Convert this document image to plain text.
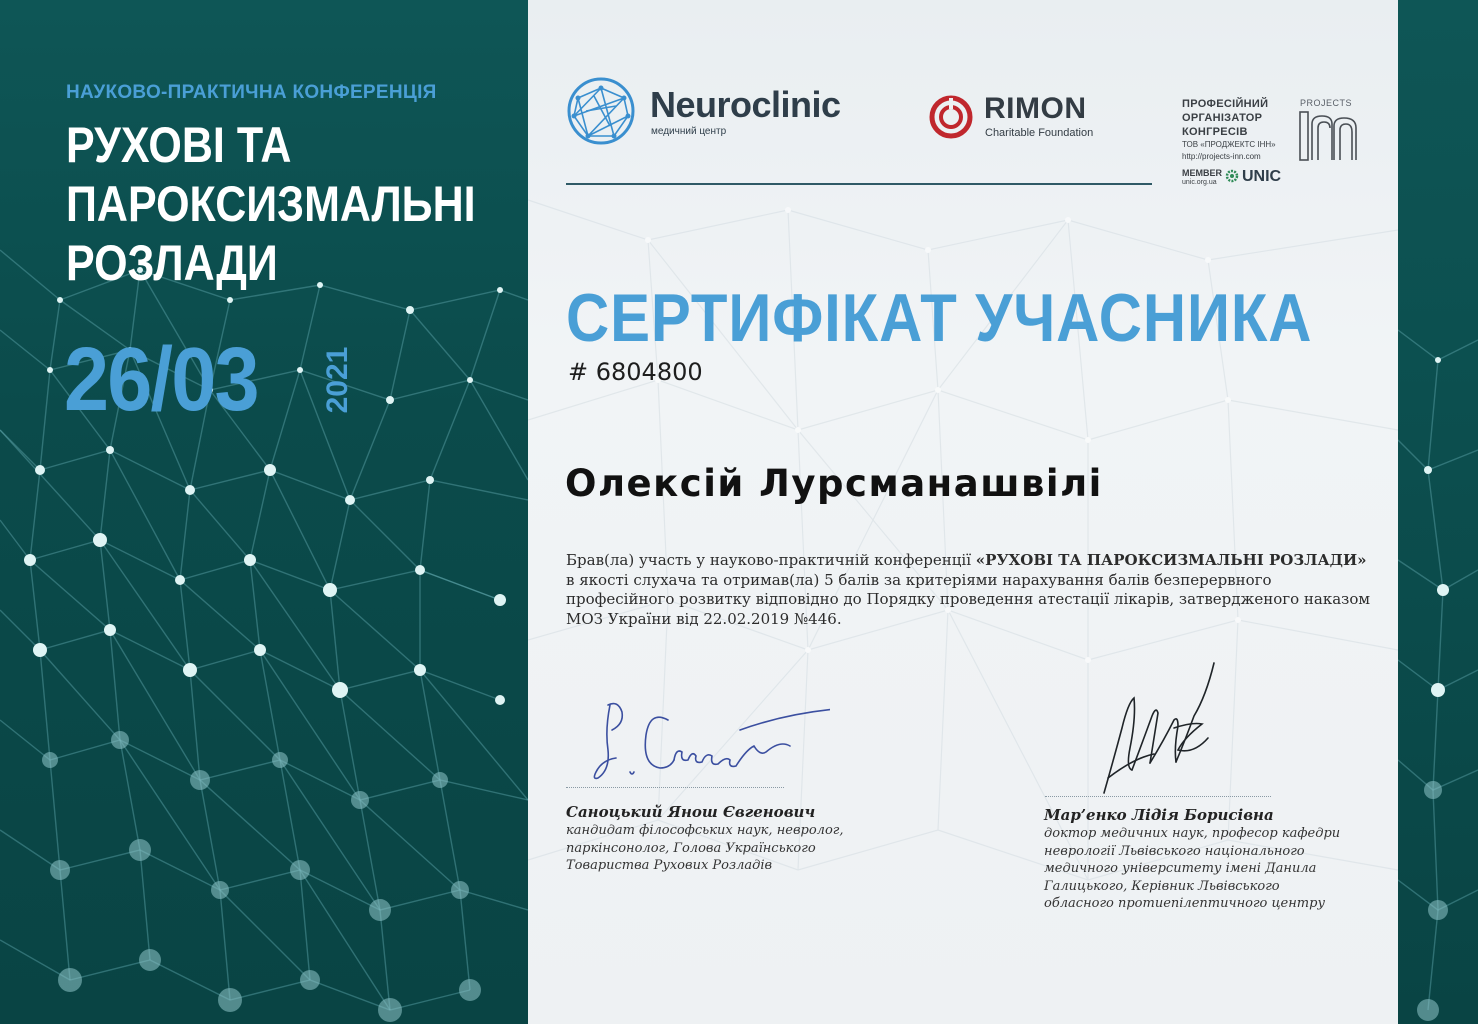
НАУКОВО-ПРАКТИЧНА КОНФЕРЕНЦІЯ
РУХОВІ ТА
ПАРОКСИЗМАЛЬНІ
РОЗЛАДИ
26/03 2021
Neuroclinic
медичний центр
RIMON
Charitable Foundation
ПРОФЕСІЙНИЙ
ОРГАНІЗАТОР
КОНГРЕСІВ
ТОВ «ПРОДЖЕКТС ІНН»
http://projects-inn.com
MEMBER
unic.org.ua	UNIC
PROJECTS
СЕРТИФІКАТ УЧАСНИКА
# 6804800
Олексій Лурсманашвілі
Брав(ла) участь у науково-практичній конференції «РУХОВІ ТА ПАРОКСИЗМАЛЬНІ РОЗЛАДИ» в якості слухача та отримав(ла) 5 балів за критеріями нарахування балів безперервного професійного розвитку відповідно до Порядку проведення атестації лікарів, затвердженого наказом МОЗ України від 22.02.2019 №446.
Саноцький Янош Євгенович
кандидат філософських наук, невролог,
паркінсонолог, Голова Українського
Товариства Рухових Розладів
Мар’енко Лідія Борисівна
доктор медичних наук, професор кафедри
неврології Львівського національного
медичного університету імені Данила
Галицького, Керівник Львівського
обласного протиепілептичного центру
